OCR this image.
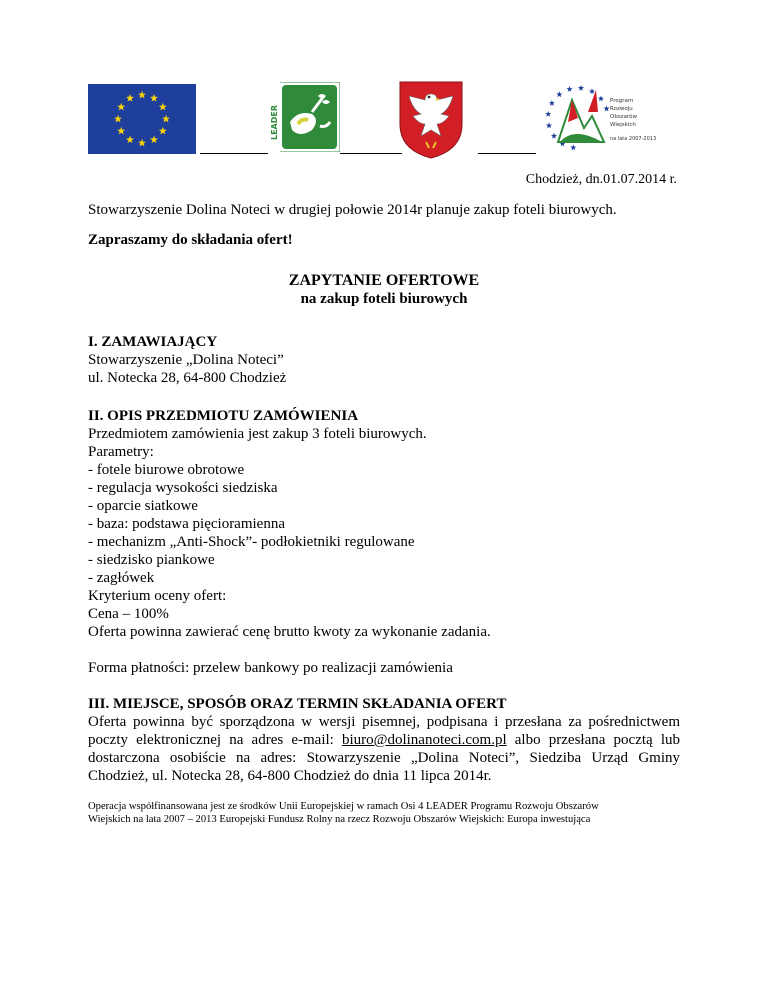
LEADER
Program
Rozwoju
Obszarów
Wiejskich
na lata 2007-2013
Chodzież, dn.01.07.2014 r.

Stowarzyszenie Dolina Noteci w drugiej połowie 2014r planuje zakup foteli biurowych.

Zapraszamy do składania ofert!

ZAPYTANIE OFERTOWE
na zakup foteli biurowych

I. ZAMAWIAJĄCY

Stowarzyszenie „Dolina Noteci”
ul. Notecka 28, 64-800 Chodzież

II. OPIS PRZEDMIOTU ZAMÓWIENIA

Przedmiotem zamówienia jest zakup 3 foteli biurowych.
Parametry:
- fotele biurowe obrotowe
- regulacja wysokości siedziska
- oparcie siatkowe
- baza: podstawa pięcioramienna
- mechanizm „Anti-Shock”- podłokietniki regulowane
- siedzisko piankowe
- zagłówek
Kryterium oceny ofert:
Cena – 100%
Oferta powinna zawierać cenę brutto kwoty za wykonanie zadania.
Forma płatności: przelew bankowy po realizacji zamówienia

III. MIEJSCE, SPOSÓB ORAZ TERMIN SKŁADANIA OFERT

Oferta powinna być sporządzona w wersji pisemnej, podpisana i przesłana za pośrednictwem poczty elektronicznej na adres e-mail: biuro@dolinanoteci.com.pl albo przesłana pocztą lub dostarczona osobiście na adres: Stowarzyszenie „Dolina Noteci”, Siedziba Urząd Gminy Chodzież, ul. Notecka 28, 64-800 Chodzież do dnia 11 lipca 2014r.

Operacja współfinansowana jest ze środków Unii Europejskiej w ramach Osi 4 LEADER Programu Rozwoju Obszarów
Wiejskich na lata 2007 – 2013 Europejski Fundusz Rolny na rzecz Rozwoju Obszarów Wiejskich: Europa inwestująca
